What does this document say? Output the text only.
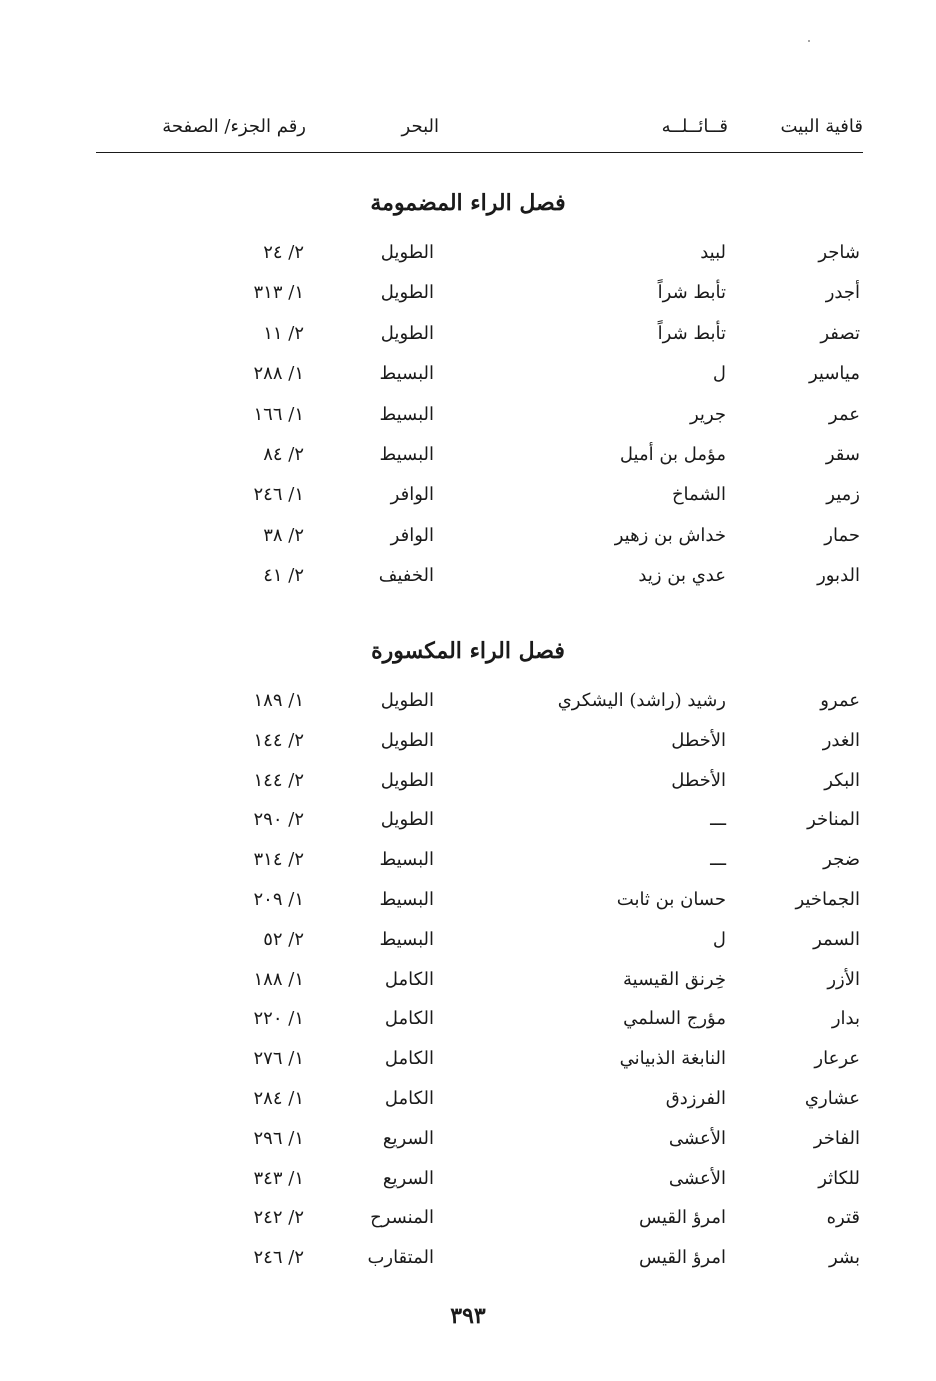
قافية البيت
قــائــلــه
البحر
رقم الجزء/ الصفحة
فصل الراء المضمومة
فصل الراء المكسورة
شاجر
لبيد
الطويل
٢/ ٢٤
أجدر
تأبط شراً
الطويل
١/ ٣١٣
تصفر
تأبط شراً
الطويل
٢/ ١١
مياسير
ل
البسيط
١/ ٢٨٨
عمر
جرير
البسيط
١/ ١٦٦
سقر
مؤمل بن أميل
البسيط
٢/ ٨٤
زمير
الشماخ
الوافر
١/ ٢٤٦
حمار
خداش بن زهير
الوافر
٢/ ٣٨
الدبور
عدي بن زيد
الخفيف
٢/ ٤١
عمرو
رشيد (راشد) اليشكري
الطويل
١/ ١٨٩
الغدر
الأخطل
الطويل
٢/ ١٤٤
البكر
الأخطل
الطويل
٢/ ١٤٤
المناخر
ـــ
الطويل
٢/ ٢٩٠
ضجر
ـــ
البسيط
٢/ ٣١٤
الجماخير
حسان بن ثابت
البسيط
١/ ٢٠٩
السمر
ل
البسيط
٢/ ٥٢
الأزر
خِرنق القيسية
الكامل
١/ ١٨٨
بدار
مؤرج السلمي
الكامل
١/ ٢٢٠
عرعار
النابغة الذبياني
الكامل
١/ ٢٧٦
عشاري
الفرزدق
الكامل
١/ ٢٨٤
الفاخر
الأعشى
السريع
١/ ٢٩٦
للكاثر
الأعشى
السريع
١/ ٣٤٣
قتره
امرؤ القيس
المنسرح
٢/ ٢٤٢
بشر
امرؤ القيس
المتقارب
٢/ ٢٤٦
٣٩٣
